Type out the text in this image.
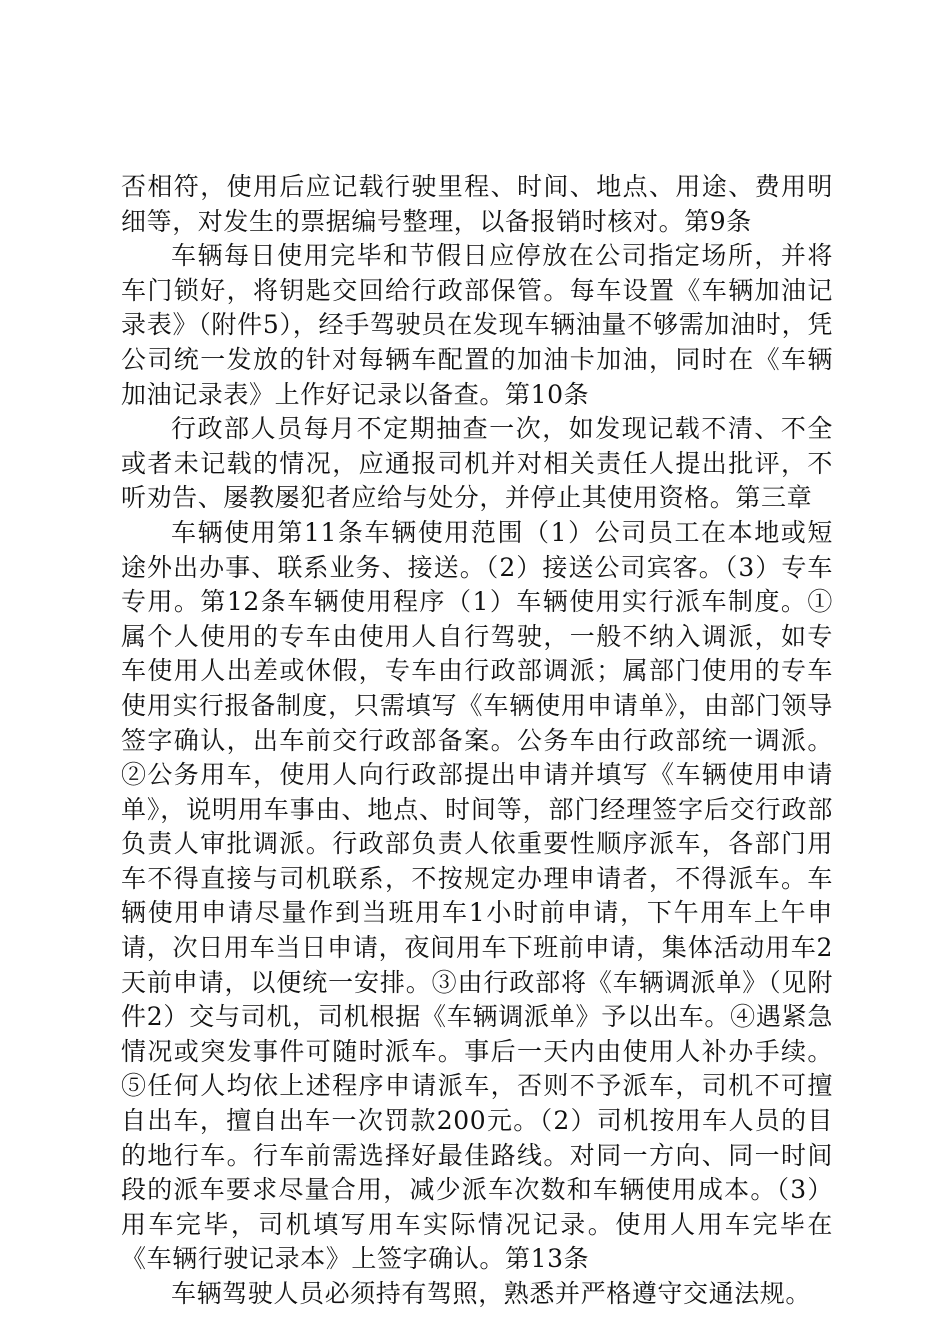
否相符，使用后应记载行驶里程、时间、地点、用途、费用明细等，对发生的票据编号整理，以备报销时核对。第9条

车辆每日使用完毕和节假日应停放在公司指定场所，并将车门锁好，将钥匙交回给行政部保管。每车设置《车辆加油记录表》（附件5），经手驾驶员在发现车辆油量不够需加油时，凭公司统一发放的针对每辆车配置的加油卡加油，同时在《车辆加油记录表》上作好记录以备查。第10条

行政部人员每月不定期抽查一次，如发现记载不清、不全或者未记载的情况，应通报司机并对相关责任人提出批评，不听劝告、屡教屡犯者应给与处分，并停止其使用资格。第三章

车辆使用第11条车辆使用范围（1）公司员工在本地或短途外出办事、联系业务、接送。（2）接送公司宾客。（3）专车专用。第12条车辆使用程序（1）车辆使用实行派车制度。①属个人使用的专车由使用人自行驾驶，一般不纳入调派，如专车使用人出差或休假，专车由行政部调派；属部门使用的专车使用实行报备制度，只需填写《车辆使用申请单》，由部门领导签字确认，出车前交行政部备案。公务车由行政部统一调派。②公务用车，使用人向行政部提出申请并填写《车辆使用申请单》，说明用车事由、地点、时间等，部门经理签字后交行政部负责人审批调派。行政部负责人依重要性顺序派车，各部门用车不得直接与司机联系，不按规定办理申请者，不得派车。车辆使用申请尽量作到当班用车1小时前申请，下午用车上午申请，次日用车当日申请，夜间用车下班前申请，集体活动用车2天前申请，以便统一安排。③由行政部将《车辆调派单》（见附件2）交与司机，司机根据《车辆调派单》予以出车。④遇紧急情况或突发事件可随时派车。事后一天内由使用人补办手续。⑤任何人均依上述程序申请派车，否则不予派车，司机不可擅自出车，擅自出车一次罚款200元。（2）司机按用车人员的目的地行车。行车前需选择好最佳路线。对同一方向、同一时间段的派车要求尽量合用，减少派车次数和车辆使用成本。（3）用车完毕，司机填写用车实际情况记录。使用人用车完毕在《车辆行驶记录本》上签字确认。第13条

车辆驾驶人员必须持有驾照，熟悉并严格遵守交通法规。
